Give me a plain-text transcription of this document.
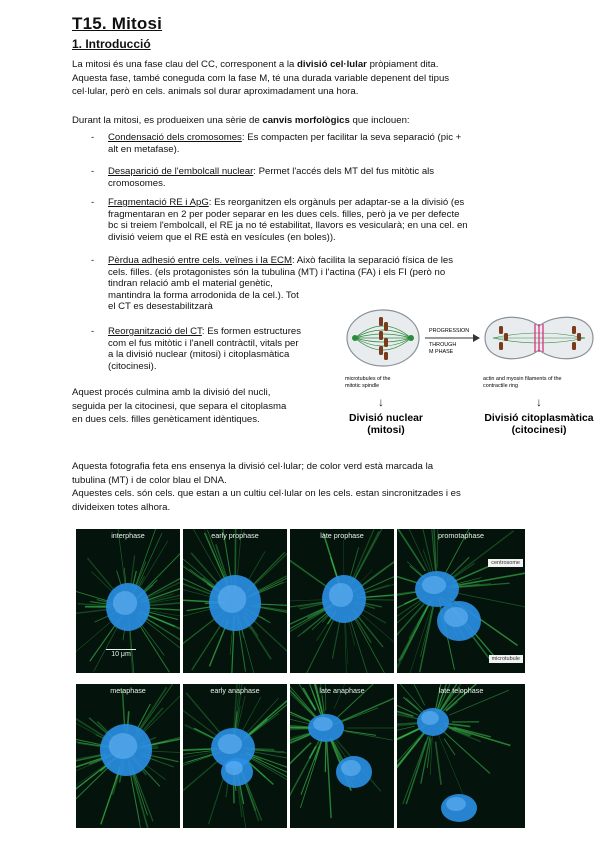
T15. Mitosi
1. Introducció
La mitosi és una fase clau del CC, corresponent a la divisió cel·lular pròpiament dita.
Aquesta fase, també coneguda com la fase M, té una durada variable depenent del tipus
cel·lular, però en cels. animals sol durar aproximadament una hora.
Durant la mitosi, es produeixen una sèrie de canvis morfològics que inclouen:
- Condensació dels cromosomes: Es compacten per facilitar la seva separació (pic +
alt en metafase).
- Desaparició de l'embolcall nuclear: Permet l'accés dels MT del fus mitòtic als
cromosomes.
- Fragmentació RE i ApG: Es reorganitzen els orgànuls per adaptar-se a la divisió (es
fragmentaran en 2 per poder separar en les dues cels. filles, però ja ve per defecte
bc si treiem l'embolcall, el RE ja no té estabilitat, llavors es vesicularà; en una cel. en
divisió veiem que el RE està en vesícules (en boles)).
- Pèrdua adhesió entre cels. veïnes i la ECM: Això facilita la separació física de les
cels. filles. (els protagonistes són la tubulina (MT) i l'actina (FA) i els FI (però no
tindran relació amb el material genètic,
mantindra la forma arrodonida de la cel.). Tot
el CT es desestabilitzarà
- Reorganització del CT: Es formen estructures
com el fus mitòtic i l'anell contràctil, vitals per
a la divisió nuclear (mitosi) i citoplasmàtica
(citocinesi).
Aquest procés culmina amb la divisió del nucli,
seguida per la citocinesi, que separa el citoplasma
en dues cels. filles genèticament idèntiques.
PROGRESSION
THROUGH
M PHASE
microtubules of the
mitotic spindle
actin and myosin filaments of the
contractile ring
↓	↓
Divisió nuclear
(mitosi)
Divisió citoplasmàtica
(citocinesi)
Aquesta fotografia feta ens ensenya la divisió cel·lular; de color verd està marcada la
tubulina (MT) i de color blau el DNA.
Aquestes cels. són cels. que estan a un cultiu cel·lular on les cels. estan sincronitzades i es
divideixen totes alhora.
interphase
10 μm
early prophase	late prophase	promotaphase
centrosome
microtubule
metaphase	early anaphase	late anaphase	late telophase
